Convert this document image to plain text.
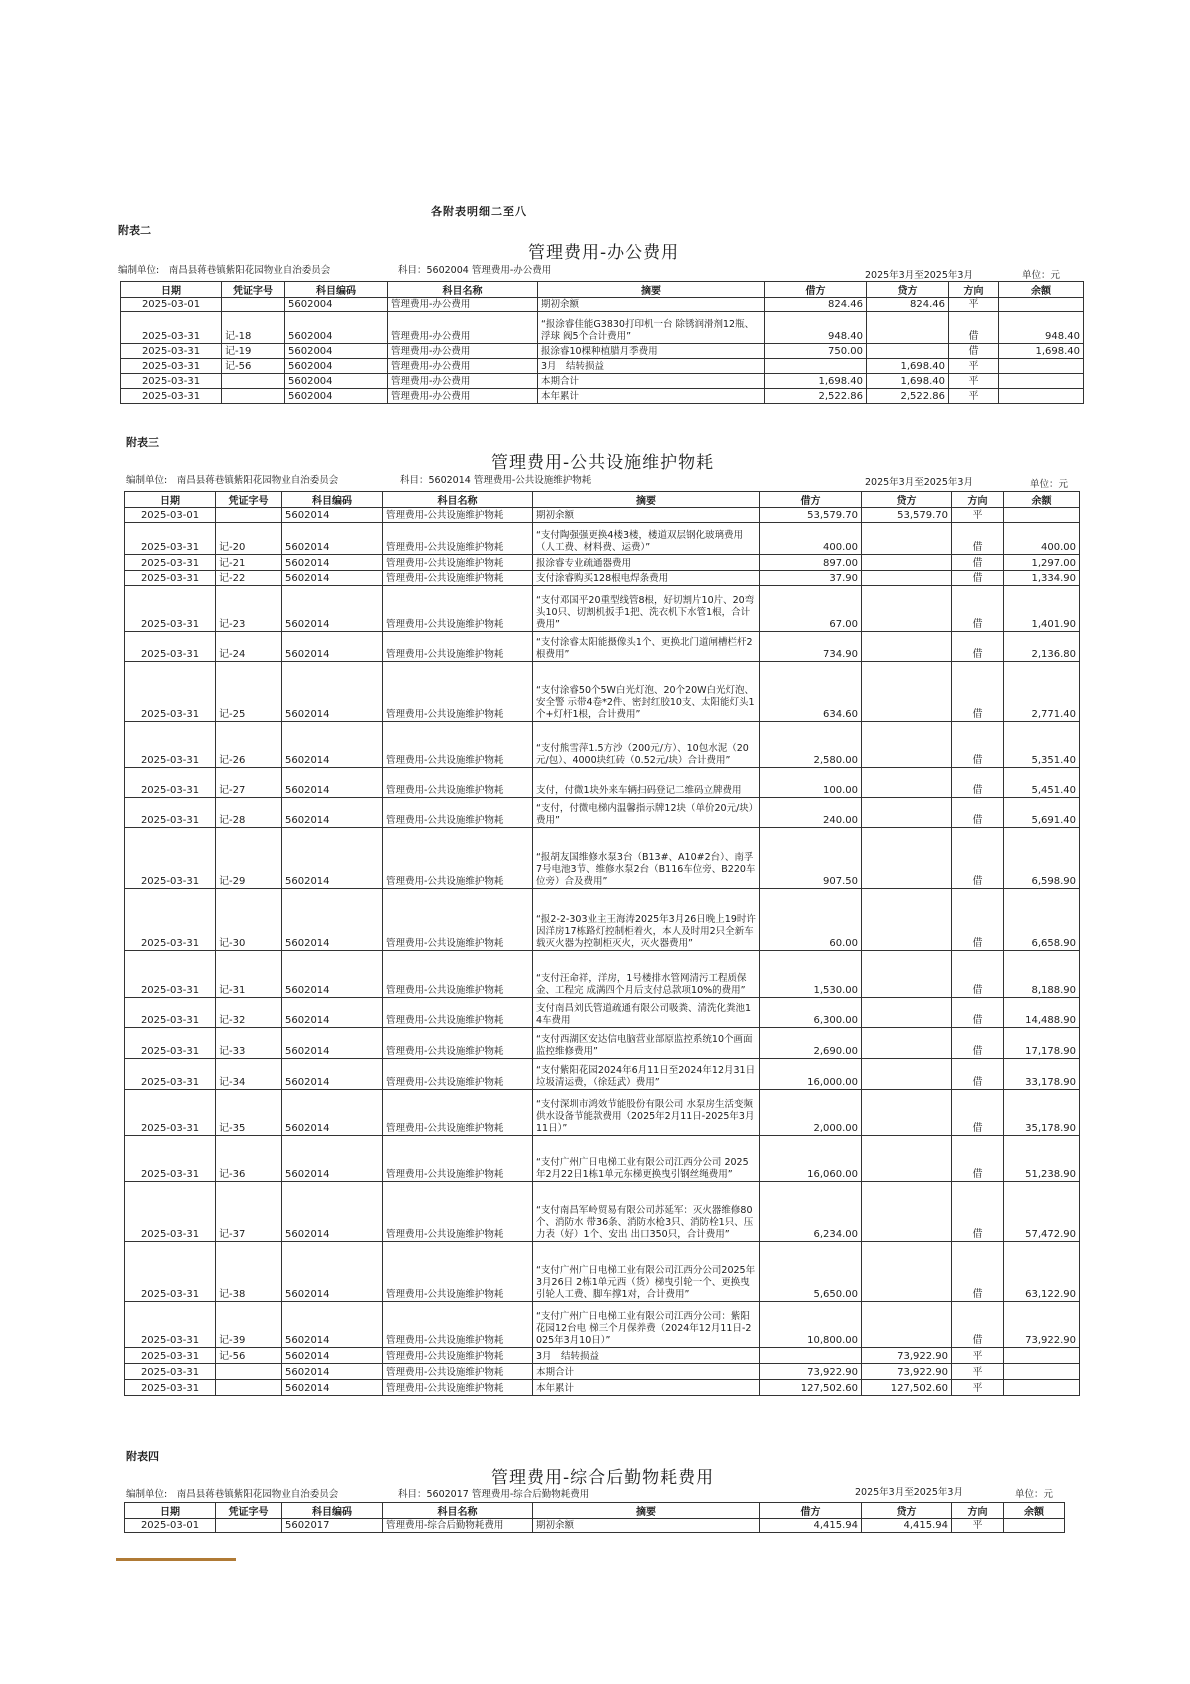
各附表明细二至八
附表二
管理费用-办公费用
编制单位:　南昌县蒋巷镇紫阳花园物业自治委员会	科目：5602004 管理费用-办公费用	2025年3月至2025年3月	单位：元
日期	凭证字号	科目编码	科目名称	摘要	借方	贷方	方向	余额
2025-03-01		5602004	管理费用-办公费用	期初余额	824.46	824.46	平	
2025-03-31	记-18	5602004	管理费用-办公费用	“报涂睿佳能G3830打印机一台 除锈润滑剂12瓶、浮球 阀5个合计费用”	948.40		借	948.40
2025-03-31	记-19	5602004	管理费用-办公费用	报涂睿10棵种植腊月季费用	750.00		借	1,698.40
2025-03-31	记-56	5602004	管理费用-办公费用	3月　结转损益		1,698.40	平	
2025-03-31		5602004	管理费用-办公费用	本期合计	1,698.40	1,698.40	平	
2025-03-31		5602004	管理费用-办公费用	本年累计	2,522.86	2,522.86	平	
附表三
管理费用-公共设施维护物耗
编制单位:　南昌县蒋巷镇紫阳花园物业自治委员会	科目：5602014 管理费用-公共设施维护物耗	2025年3月至2025年3月	单位：元
日期	凭证字号	科目编码	科目名称	摘要	借方	贷方	方向	余额
2025-03-01		5602014	管理费用-公共设施维护物耗	期初余额	53,579.70	53,579.70	平	
2025-03-31	记-20	5602014	管理费用-公共设施维护物耗	“支付陶强强更换4楼3楼，楼道双层钢化玻璃费用（人工费、材料费、运费）”	400.00		借	400.00
2025-03-31	记-21	5602014	管理费用-公共设施维护物耗	报涂睿专业疏通器费用	897.00		借	1,297.00
2025-03-31	记-22	5602014	管理费用-公共设施维护物耗	支付涂睿购买128根电焊条费用	37.90		借	1,334.90
2025-03-31	记-23	5602014	管理费用-公共设施维护物耗	“支付邓国平20重型线管8根，好切割片10片、20弯头10只、切割机扳手1把、洗衣机下水管1根，合计费用”	67.00		借	1,401.90
2025-03-31	记-24	5602014	管理费用-公共设施维护物耗	“支付涂睿太阳能摄像头1个、更换北门道闸槽栏杆2根费用”	734.90		借	2,136.80
2025-03-31	记-25	5602014	管理费用-公共设施维护物耗	“支付涂睿50个5W白光灯泡、20个20W白光灯泡、安全警 示带4卷*2件、密封红胶10支、太阳能灯头1个+灯杆1根，合计费用”	634.60		借	2,771.40
2025-03-31	记-26	5602014	管理费用-公共设施维护物耗	“支付熊雪萍1.5方沙（200元/方）、10包水泥（20元/包）、4000块红砖（0.52元/块）合计费用”	2,580.00		借	5,351.40
2025-03-31	记-27	5602014	管理费用-公共设施维护物耗	支付，付微1块外来车辆扫码登记二维码立牌费用	100.00		借	5,451.40
2025-03-31	记-28	5602014	管理费用-公共设施维护物耗	“支付，付微电梯内温馨指示牌12块（单价20元/块）费用”	240.00		借	5,691.40
2025-03-31	记-29	5602014	管理费用-公共设施维护物耗	“报胡友国维修水泵3台（B13#、A10#2台）、南孚7号电池3节、维修水泵2台（B116车位旁、B220车位旁）合及费用”	907.50		借	6,598.90
2025-03-31	记-30	5602014	管理费用-公共设施维护物耗	“报2-2-303业主王海涛2025年3月26日晚上19时许因洋房17栋路灯控制柜着火，本人及时用2只全新车载灭火器为控制柜灭火，灭火器费用”	60.00		借	6,658.90
2025-03-31	记-31	5602014	管理费用-公共设施维护物耗	“支付汪命祥，洋房，1号楼排水管网清污工程质保金、工程完 成满四个月后支付总款项10%的费用”	1,530.00		借	8,188.90
2025-03-31	记-32	5602014	管理费用-公共设施维护物耗	支付南昌刘氏管道疏通有限公司吸粪、清洗化粪池14车费用	6,300.00		借	14,488.90
2025-03-31	记-33	5602014	管理费用-公共设施维护物耗	“支付西湖区安达信电脑营业部原监控系统10个画面监控维修费用”	2,690.00		借	17,178.90
2025-03-31	记-34	5602014	管理费用-公共设施维护物耗	“支付紫阳花园2024年6月11日至2024年12月31日垃圾清运费，（徐廷武）费用”	16,000.00		借	33,178.90
2025-03-31	记-35	5602014	管理费用-公共设施维护物耗	“支付深圳市鸿效节能股份有限公司 水泵房生活变频供水设备节能款费用（2025年2月11日-2025年3月11日）”	2,000.00		借	35,178.90
2025-03-31	记-36	5602014	管理费用-公共设施维护物耗	“支付广州广日电梯工业有限公司江西分公司 2025年2月22日1栋1单元东梯更换曳引钢丝绳费用”	16,060.00		借	51,238.90
2025-03-31	记-37	5602014	管理费用-公共设施维护物耗	“支付南昌军岭贸易有限公司苏延军：灭火器维修80个、消防水 带36条、消防水枪3只、消防栓1只、压力表（好）1个、安出 出口350只，合计费用”	6,234.00		借	57,472.90
2025-03-31	记-38	5602014	管理费用-公共设施维护物耗	“支付广州广日电梯工业有限公司江西分公司2025年3月26日 2栋1单元西（货）梯曳引轮一个、更换曳引轮人工费、脚车撑1对，合计费用”	5,650.00		借	63,122.90
2025-03-31	记-39	5602014	管理费用-公共设施维护物耗	“支付广州广日电梯工业有限公司江西分公司：紫阳花园12台电 梯三个月保养费（2024年12月11日-2025年3月10日）”	10,800.00		借	73,922.90
2025-03-31	记-56	5602014	管理费用-公共设施维护物耗	3月　结转损益		73,922.90	平	
2025-03-31		5602014	管理费用-公共设施维护物耗	本期合计	73,922.90	73,922.90	平	
2025-03-31		5602014	管理费用-公共设施维护物耗	本年累计	127,502.60	127,502.60	平	
附表四
管理费用-综合后勤物耗费用
编制单位:　南昌县蒋巷镇紫阳花园物业自治委员会	科目：5602017 管理费用-综合后勤物耗费用	2025年3月至2025年3月	单位：元
日期	凭证字号	科目编码	科目名称	摘要	借方	贷方	方向	余额
2025-03-01		5602017	管理费用-综合后勤物耗费用	期初余额	4,415.94	4,415.94	平	
